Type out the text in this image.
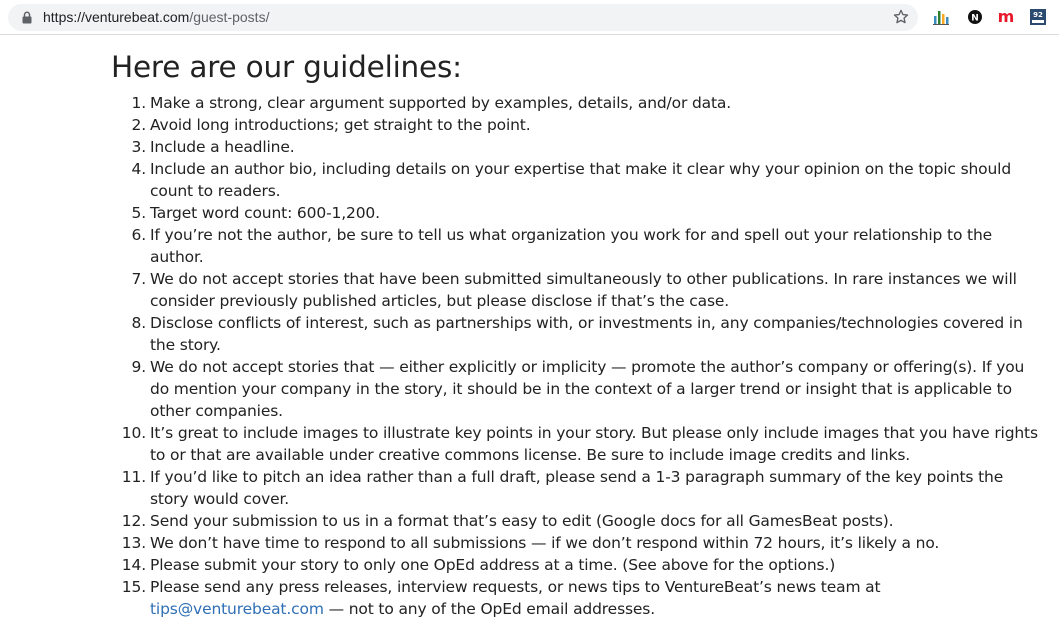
https://venturebeat.com/guest-posts/	N m	92
Here are our guidelines:
1. Make a strong, clear argument supported by examples, details, and/or data.
2. Avoid long introductions; get straight to the point.
3. Include a headline.
4. Include an author bio, including details on your expertise that make it clear why your opinion on the topic should count to readers.
5. Target word count: 600-1,200.
6. If you’re not the author, be sure to tell us what organization you work for and spell out your relationship to the author.
7. We do not accept stories that have been submitted simultaneously to other publications. In rare instances we will consider previously published articles, but please disclose if that’s the case.
8. Disclose conflicts of interest, such as partnerships with, or investments in, any companies/technologies covered in the story.
9. We do not accept stories that — either explicitly or implicity — promote the author’s company or offering(s). If you do mention your company in the story, it should be in the context of a larger trend or insight that is applicable to other companies.
10. It’s great to include images to illustrate key points in your story. But please only include images that you have rights to or that are available under creative commons license. Be sure to include image credits and links.
11. If you’d like to pitch an idea rather than a full draft, please send a 1-3 paragraph summary of the key points the story would cover.
12. Send your submission to us in a format that’s easy to edit (Google docs for all GamesBeat posts).
13. We don’t have time to respond to all submissions — if we don’t respond within 72 hours, it’s likely a no.
14. Please submit your story to only one OpEd address at a time. (See above for the options.)
15. Please send any press releases, interview requests, or news tips to VentureBeat’s news team at tips@venturebeat.com — not to any of the OpEd email addresses.
